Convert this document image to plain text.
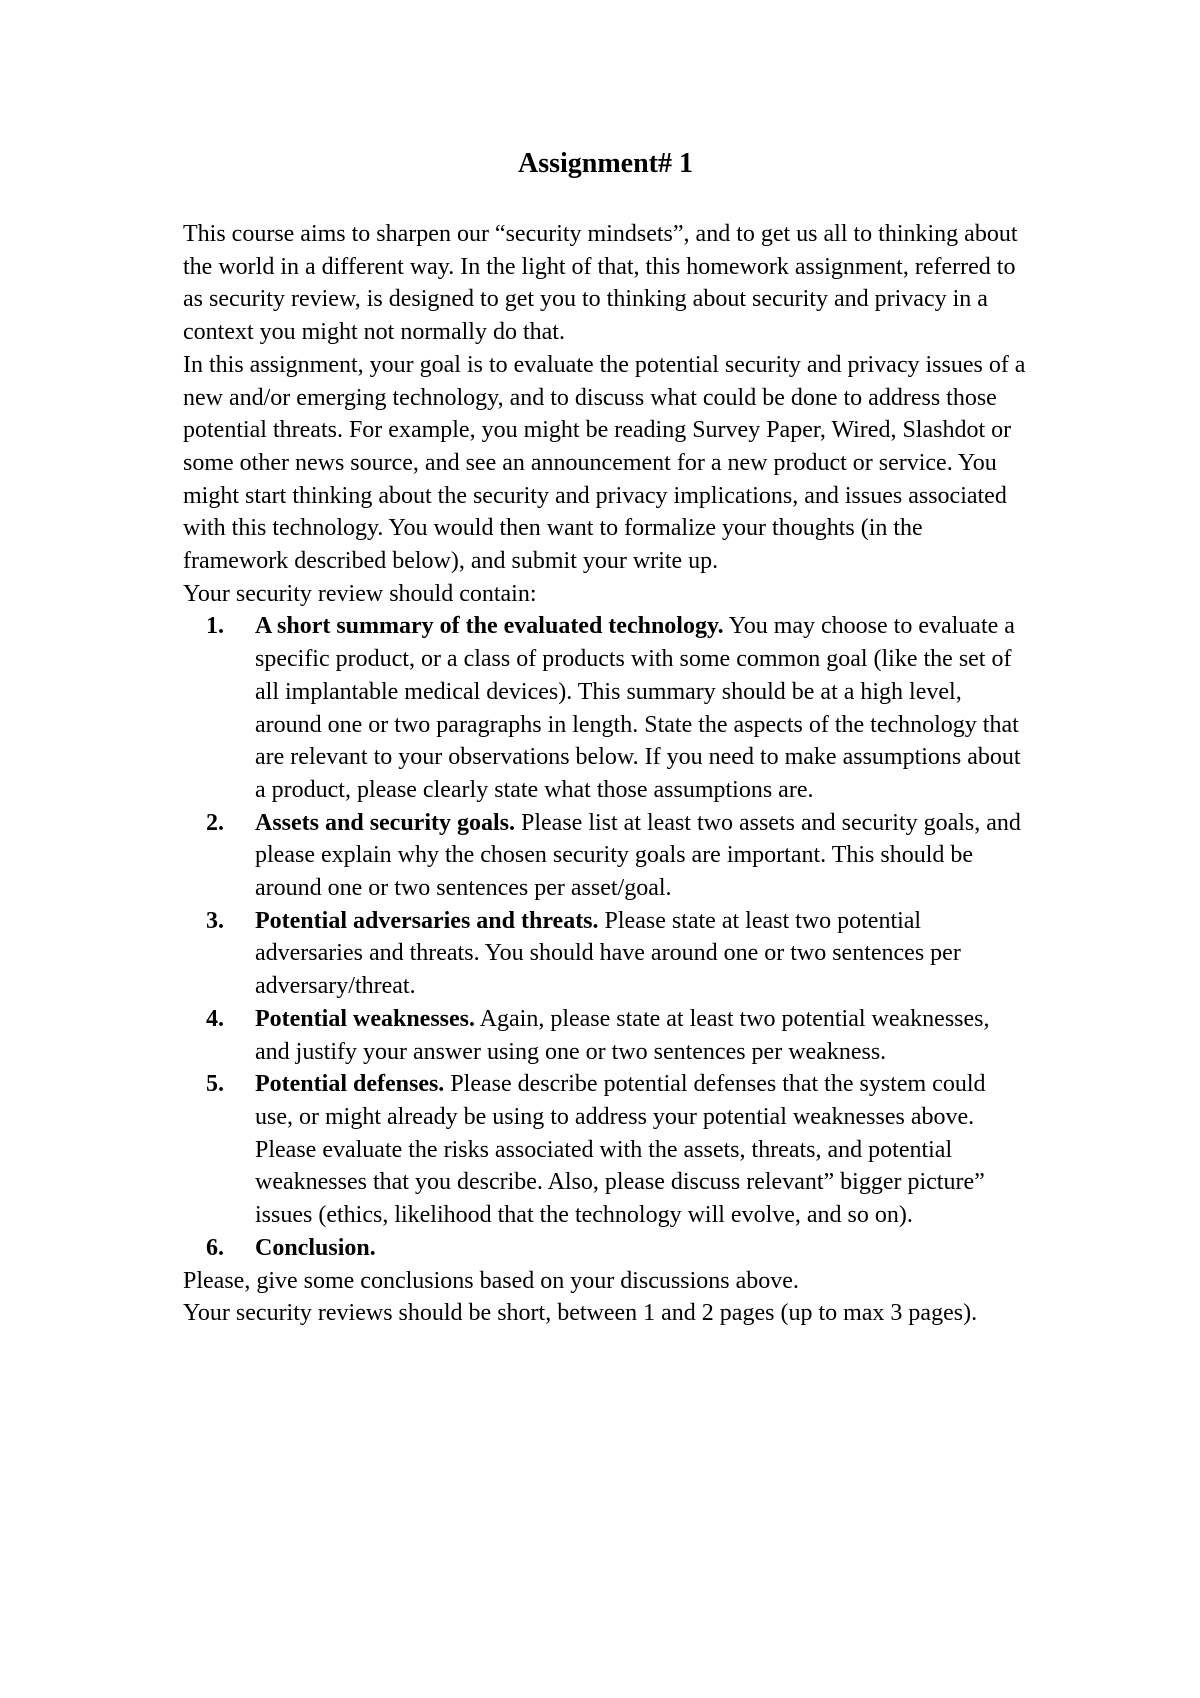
Assignment# 1

This course aims to sharpen our “security mindsets”, and to get us all to thinking about the world in a different way. In the light of that, this homework assignment, referred to as security review, is designed to get you to thinking about security and privacy in a context you might not normally do that.

In this assignment, your goal is to evaluate the potential security and privacy issues of a new and/or emerging technology, and to discuss what could be done to address those potential threats. For example, you might be reading Survey Paper, Wired, Slashdot or some other news source, and see an announcement for a new product or service. You might start thinking about the security and privacy implications, and issues associated with this technology. You would then want to formalize your thoughts (in the framework described below), and submit your write up.

Your security review should contain:

1. A short summary of the evaluated technology. You may choose to evaluate a specific product, or a class of products with some common goal (like the set of all implantable medical devices). This summary should be at a high level, around one or two paragraphs in length. State the aspects of the technology that are relevant to your observations below. If you need to make assumptions about a product, please clearly state what those assumptions are.
2. Assets and security goals. Please list at least two assets and security goals, and please explain why the chosen security goals are important. This should be around one or two sentences per asset/goal.
3. Potential adversaries and threats. Please state at least two potential adversaries and threats. You should have around one or two sentences per adversary/threat.
4. Potential weaknesses. Again, please state at least two potential weaknesses, and justify your answer using one or two sentences per weakness.
5. Potential defenses. Please describe potential defenses that the system could use, or might already be using to address your potential weaknesses above. Please evaluate the risks associated with the assets, threats, and potential weaknesses that you describe. Also, please discuss relevant” bigger picture” issues (ethics, likelihood that the technology will evolve, and so on).
6. Conclusion.

Please, give some conclusions based on your discussions above.

Your security reviews should be short, between 1 and 2 pages (up to max 3 pages).
